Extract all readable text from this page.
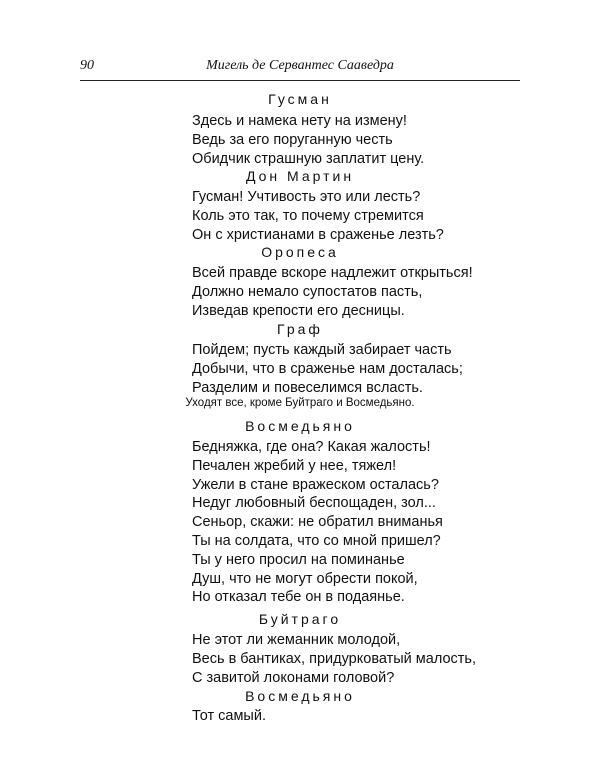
90	Мигель де Сервантес Сааведра
Гусман
Здесь и намека нету на измену!
Ведь за его поруганную честь
Обидчик страшную заплатит цену.
Дон Мартин
Гусман! Учтивость это или лесть?
Коль это так, то почему стремится
Он с христианами в сраженье лезть?
Оропеса
Всей правде вскоре надлежит открыться!
Должно немало супостатов пасть,
Изведав крепости его десницы.
Граф
Пойдем; пусть каждый забирает часть
Добычи, что в сраженье нам досталась;
Разделим и повеселимся всласть.
Уходят все, кроме Буйтраго и Восмедьяно.
Восмедьяно
Бедняжка, где она? Какая жалость!
Печален жребий у нее, тяжел!
Ужели в стане вражеском осталась?
Недуг любовный беспощаден, зол...
Сеньор, скажи: не обратил вниманья
Ты на солдата, что со мной пришел?
Ты у него просил на поминанье
Душ, что не могут обрести покой,
Но отказал тебе он в подаянье.
Буйтраго
Не этот ли жеманник молодой,
Весь в бантиках, придурковатый малость,
С завитой локонами головой?
Восмедьяно
Тот самый.
